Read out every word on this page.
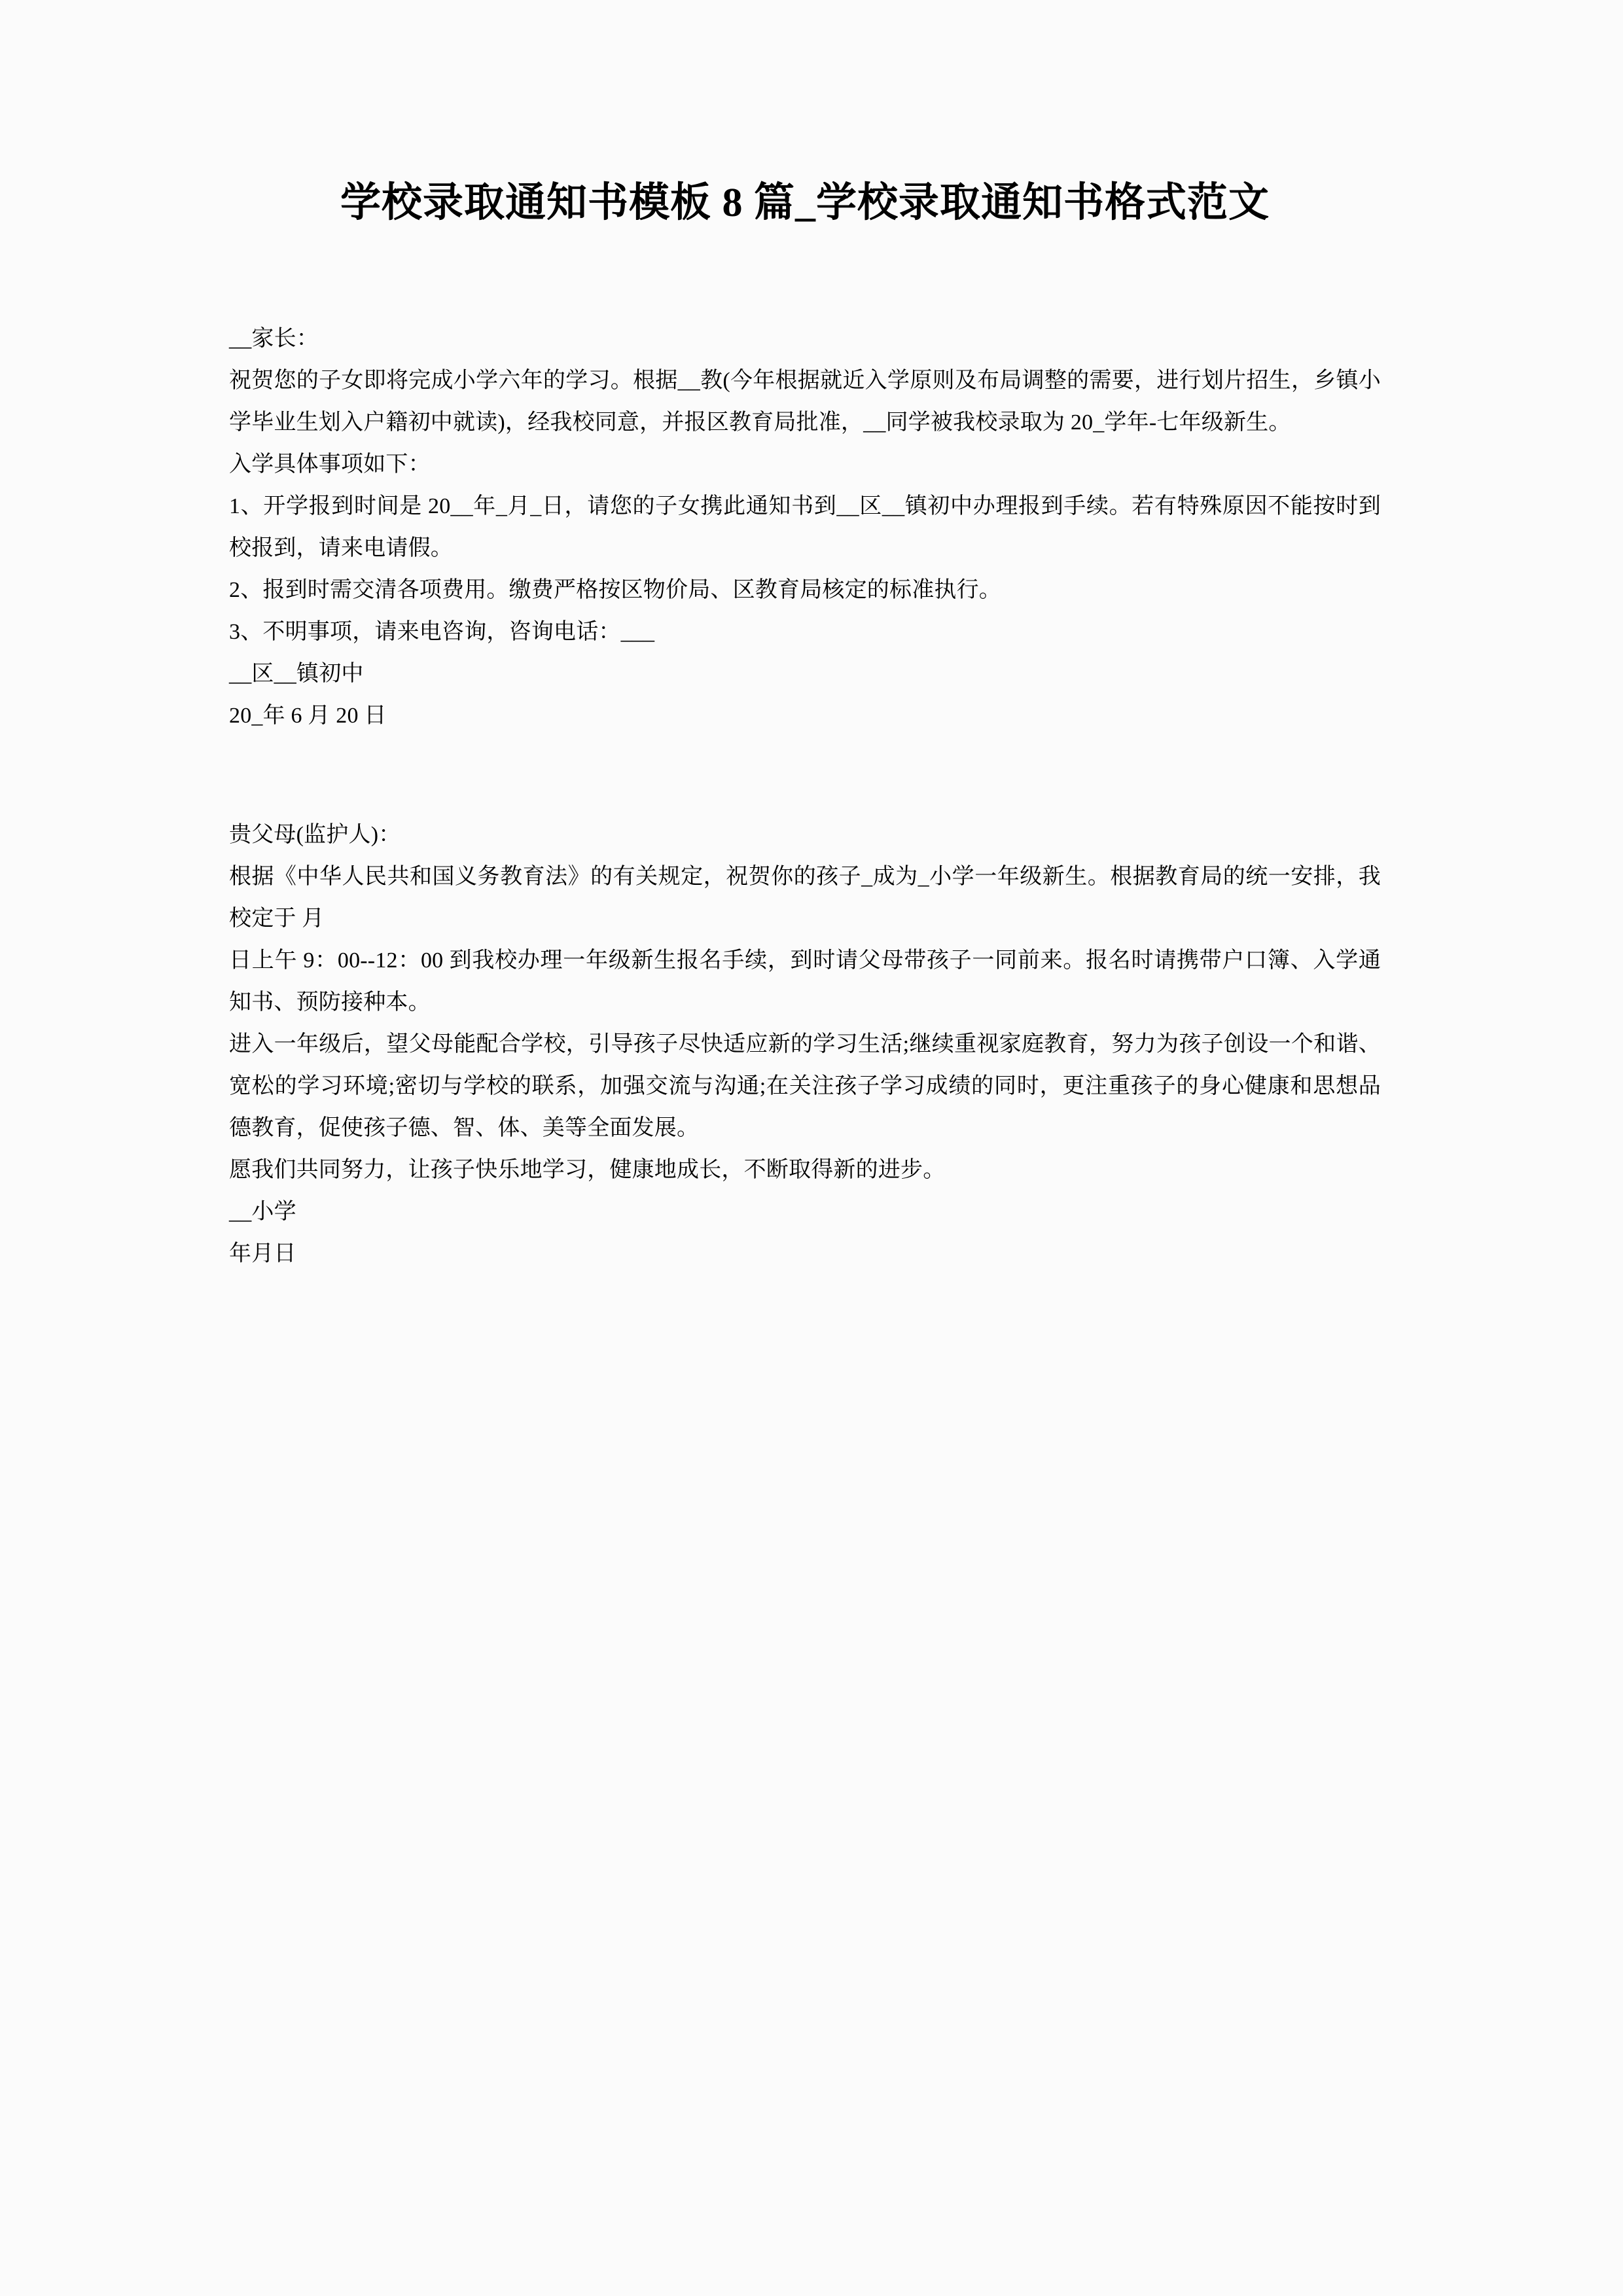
学校录取通知书模板 8 篇_学校录取通知书格式范文

__家长：

祝贺您的子女即将完成小学六年的学习。根据__教(今年根据就近入学原则及布局调整的需要，进行划片招生，乡镇小学毕业生划入户籍初中就读)，经我校同意，并报区教育局批准，__同学被我校录取为 20_学年-七年级新生。

入学具体事项如下：

1、开学报到时间是 20__年_月_日，请您的子女携此通知书到__区__镇初中办理报到手续。若有特殊原因不能按时到校报到，请来电请假。

2、报到时需交清各项费用。缴费严格按区物价局、区教育局核定的标准执行。

3、不明事项，请来电咨询，咨询电话：___

__区__镇初中

20_年 6 月 20 日

贵父母(监护人)：

根据《中华人民共和国义务教育法》的有关规定，祝贺你的孩子_成为_小学一年级新生。根据教育局的统一安排，我校定于 月

日上午 9：00--12：00 到我校办理一年级新生报名手续，到时请父母带孩子一同前来。报名时请携带户口簿、入学通知书、预防接种本。

进入一年级后，望父母能配合学校，引导孩子尽快适应新的学习生活;继续重视家庭教育，努力为孩子创设一个和谐、宽松的学习环境;密切与学校的联系，加强交流与沟通;在关注孩子学习成绩的同时，更注重孩子的身心健康和思想品德教育，促使孩子德、智、体、美等全面发展。

愿我们共同努力，让孩子快乐地学习，健康地成长，不断取得新的进步。

__小学

年月日
